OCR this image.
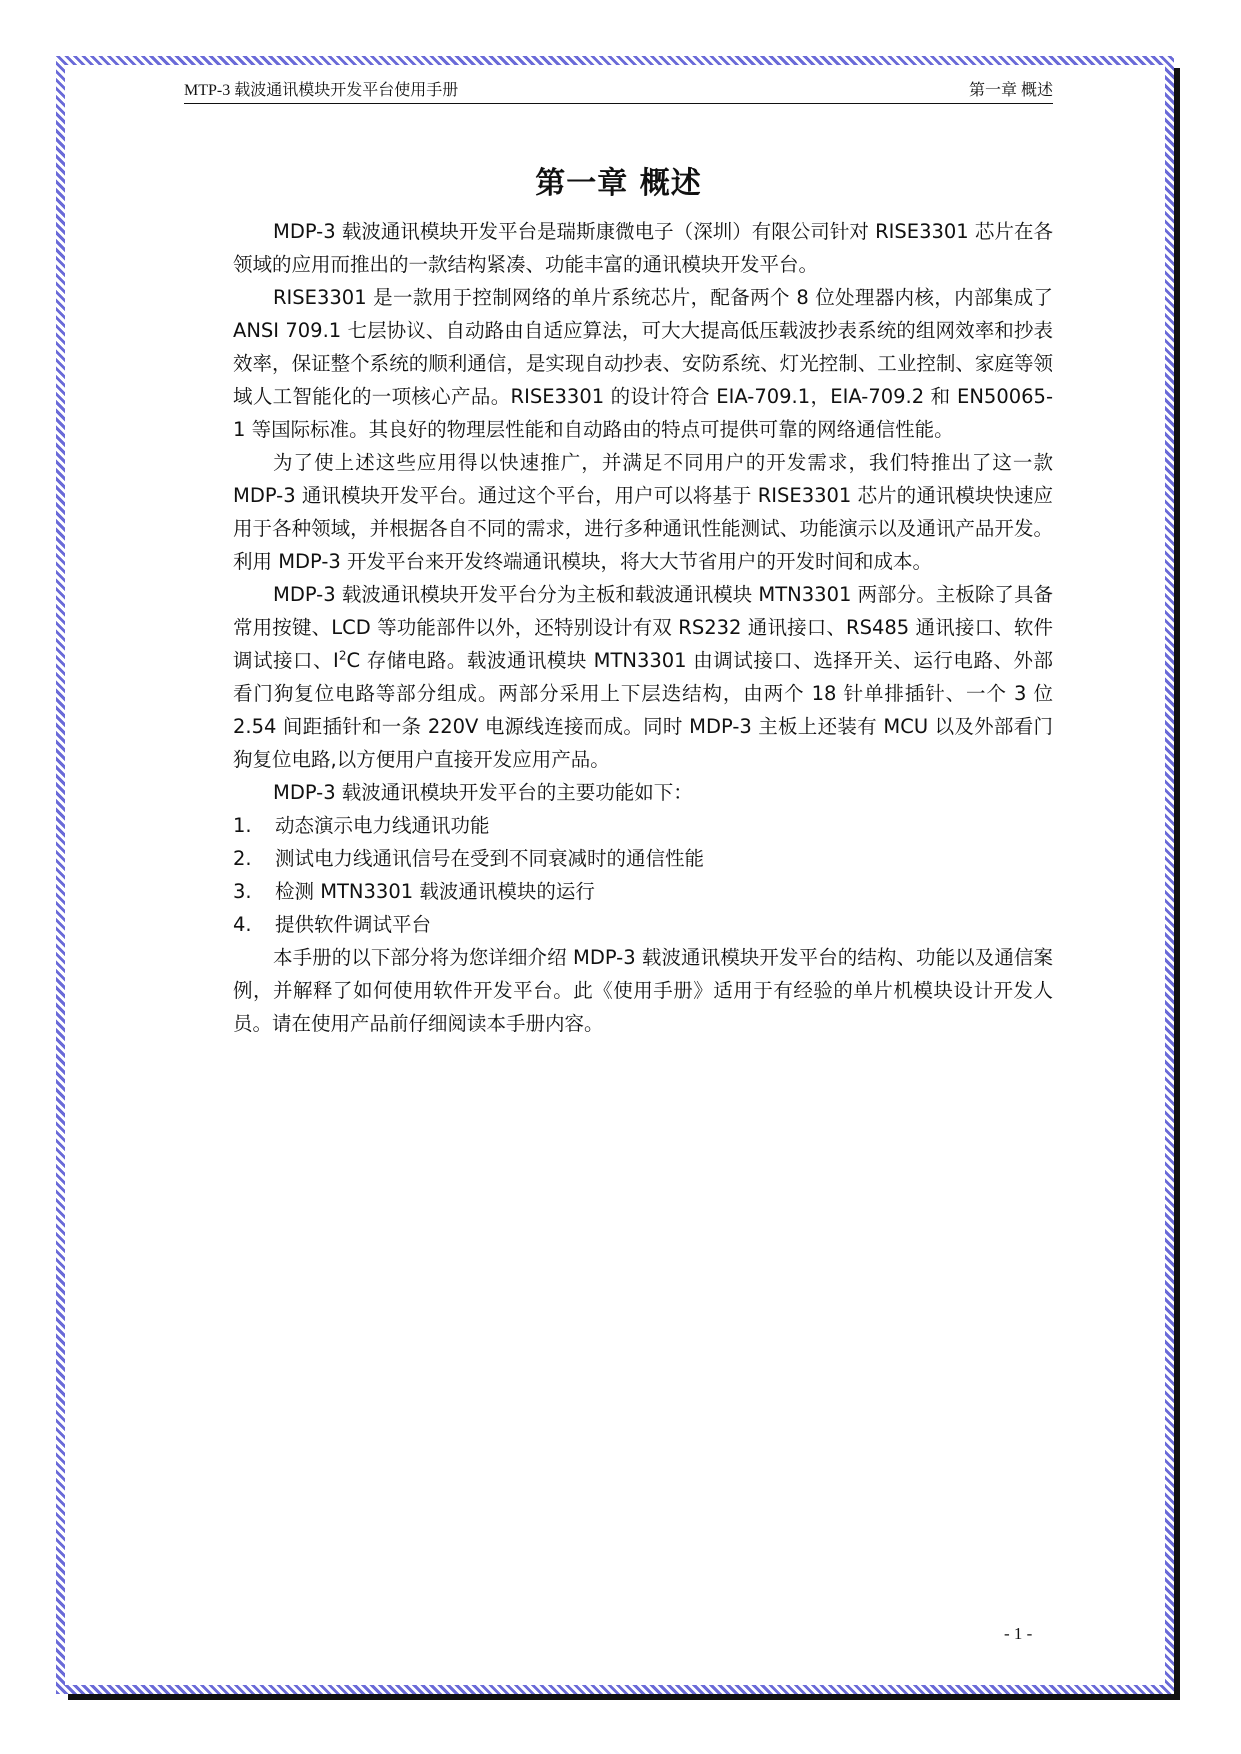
MTP-3 载波通讯模块开发平台使用手册	第一章 概述
第一章 概述

MDP-3 载波通讯模块开发平台是瑞斯康微电子（深圳）有限公司针对 RISE3301 芯片在各领域的应用而推出的一款结构紧凑、功能丰富的通讯模块开发平台。

RISE3301 是一款用于控制网络的单片系统芯片，配备两个 8 位处理器内核，内部集成了 ANSI 709.1 七层协议、自动路由自适应算法，可大大提高低压载波抄表系统的组网效率和抄表效率，保证整个系统的顺利通信，是实现自动抄表、安防系统、灯光控制、工业控制、家庭等领域人工智能化的一项核心产品。RISE3301 的设计符合 EIA-709.1，EIA-709.2 和 EN50065-1 等国际标准。其良好的物理层性能和自动路由的特点可提供可靠的网络通信性能。

为了使上述这些应用得以快速推广，并满足不同用户的开发需求，我们特推出了这一款 MDP-3 通讯模块开发平台。通过这个平台，用户可以将基于 RISE3301 芯片的通讯模块快速应用于各种领域，并根据各自不同的需求，进行多种通讯性能测试、功能演示以及通讯产品开发。利用 MDP-3 开发平台来开发终端通讯模块，将大大节省用户的开发时间和成本。

MDP-3 载波通讯模块开发平台分为主板和载波通讯模块 MTN3301 两部分。主板除了具备常用按键、LCD 等功能部件以外，还特别设计有双 RS232 通讯接口、RS485 通讯接口、软件调试接口、$I^2C$ 存储电路。载波通讯模块 MTN3301 由调试接口、选择开关、运行电路、外部看门狗复位电路等部分组成。两部分采用上下层迭结构，由两个 18 针单排插针、一个 3 位 2.54 间距插针和一条 220V 电源线连接而成。同时 MDP-3 主板上还装有 MCU 以及外部看门狗复位电路,以方便用户直接开发应用产品。

MDP-3 载波通讯模块开发平台的主要功能如下：

1. 动态演示电力线通讯功能
2. 测试电力线通讯信号在受到不同衰减时的通信性能
3. 检测 MTN3301 载波通讯模块的运行
4. 提供软件调试平台

本手册的以下部分将为您详细介绍 MDP-3 载波通讯模块开发平台的结构、功能以及通信案例，并解释了如何使用软件开发平台。此《使用手册》适用于有经验的单片机模块设计开发人员。请在使用产品前仔细阅读本手册内容。

- 1 -
